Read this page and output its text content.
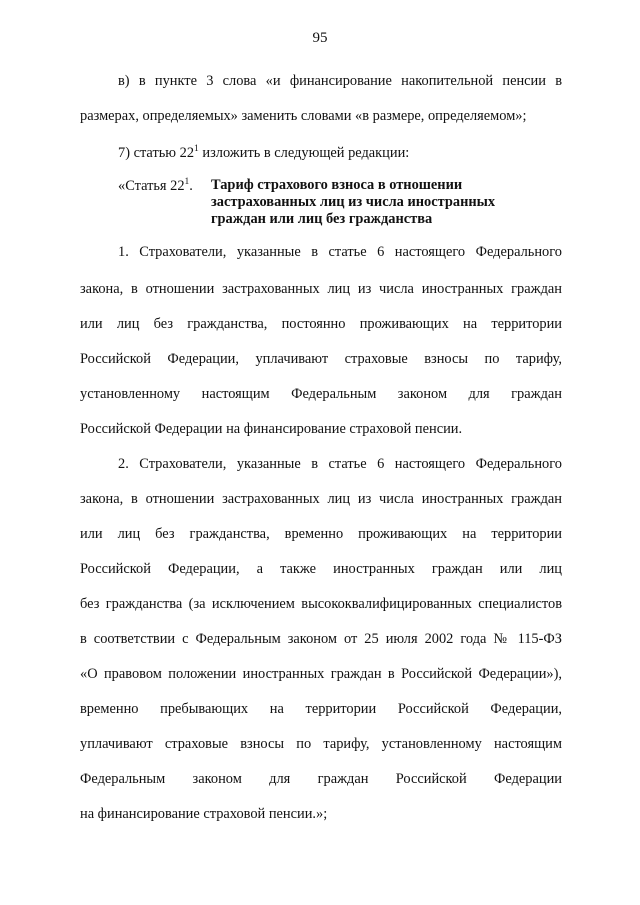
95
в) в пункте 3 слова «и финансирование накопительной пенсии в
размерах, определяемых» заменить словами «в размере, определяемом»;
7) статью $22^1$ изложить в следующей редакции:
«Статья $22^1$. Тариф страхового взноса в отношении
застрахованных лиц из числа иностранных
граждан или лиц без гражданства
1. Страхователи, указанные в статье 6 настоящего Федерального
закона, в отношении застрахованных лиц из числа иностранных граждан
или лиц без гражданства, постоянно проживающих на территории
Российской Федерации, уплачивают страховые взносы по тарифу,
установленному настоящим Федеральным законом для граждан
Российской Федерации на финансирование страховой пенсии.
2. Страхователи, указанные в статье 6 настоящего Федерального
закона, в отношении застрахованных лиц из числа иностранных граждан
или лиц без гражданства, временно проживающих на территории
Российской Федерации, а также иностранных граждан или лиц
без гражданства (за исключением высококвалифицированных специалистов
в соответствии с Федеральным законом от 25 июля 2002 года № 115-ФЗ
«О правовом положении иностранных граждан в Российской Федерации»),
временно пребывающих на территории Российской Федерации,
уплачивают страховые взносы по тарифу, установленному настоящим
Федеральным законом для граждан Российской Федерации
на финансирование страховой пенсии.»;
